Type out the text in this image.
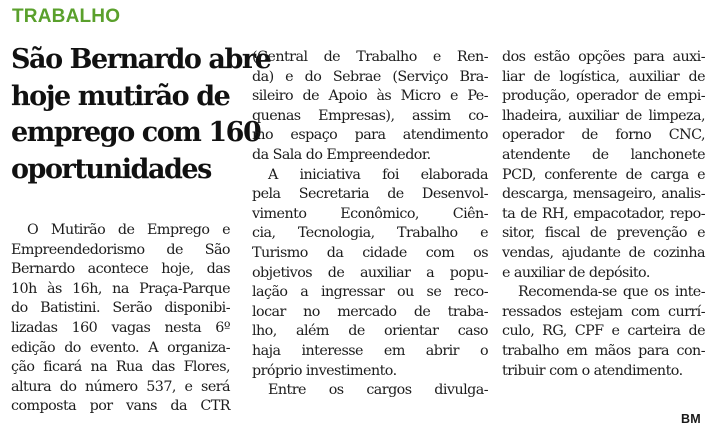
TRABALHO
São Bernardo abre
hoje mutirão de
emprego com 160
oportunidades
O Mutirão de Emprego e
Empreendedorismo de São
Bernardo acontece hoje, das
10h às 16h, na Praça-Parque
do Batistini. Serão disponibi-
lizadas 160 vagas nesta 6º
edição do evento. A organiza-
ção ficará na Rua das Flores,
altura do número 537, e será
composta por vans da CTR
(Central de Trabalho e Ren-
da) e do Sebrae (Serviço Bra-
sileiro de Apoio às Micro e Pe-
quenas Empresas), assim co-
mo espaço para atendimento
da Sala do Empreendedor.
A iniciativa foi elaborada
pela Secretaria de Desenvol-
vimento Econômico, Ciên-
cia, Tecnologia, Trabalho e
Turismo da cidade com os
objetivos de auxiliar a popu-
lação a ingressar ou se reco-
locar no mercado de traba-
lho, além de orientar caso
haja interesse em abrir o
próprio investimento.
Entre os cargos divulga-
dos estão opções para auxi-
liar de logística, auxiliar de
produção, operador de empi-
lhadeira, auxiliar de limpeza,
operador de forno CNC,
atendente de lanchonete
PCD, conferente de carga e
descarga, mensageiro, analis-
ta de RH, empacotador, repo-
sitor, fiscal de prevenção e
vendas, ajudante de cozinha
e auxiliar de depósito.
Recomenda-se que os inte-
ressados estejam com currí-
culo, RG, CPF e carteira de
trabalho em mãos para con-
tribuir com o atendimento.
BM
